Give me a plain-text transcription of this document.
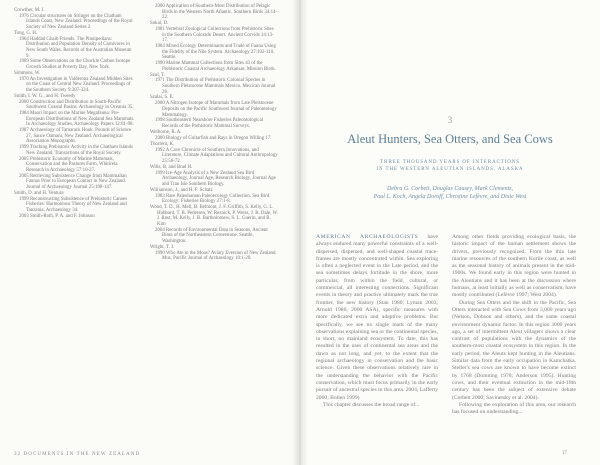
Crowther, M. J.
1976 Circular structures on Stringer on the Chatham Islands Coast, New Zealand. Proceedings of the Royal Society of New Zealand Series 2.
Tong, G. H.
1964 Haddad Ghaib Friends. The Pinnipedians: Distribution and Population Density of Carnivores in New South Wales. Records of the Australian Museum 9.
1969 Some Observations on the Chuckle Carbon Isotope Growth Studies at Poverty Bay, New York.
Simmons, W.
1970 An Investigation in Valderona Zealand Midden Sites on the Coast of Central New Zealand. Proceedings of the Southern Society 9:307-324.
Smith, I. W. G., and H. Tweedy
2000 Construction and Distribution in South-Pacific Southwest Coastal Basins. Archaeology in Oceania 35.
1984 Maori Impact on the Marine Megafauna: Pre-European Distributions of New Zealand Sea Mammals. In Archaeology Studies, Archaeology Papers 12:81-98.
1987 Archaeology of Tamarack Hook. Pounds of Science 27, Sauce Oamaru, New Zealand. Archaeological Association Monographs.
1999 Tracking Prehistoric Activity in the Chatham Islands New Zealand. Transactions of the Royal Society.
2005 Prehistoric Economy of Marine Mammals, Conservation and the Pastures Farm, Whitireia Research in Archaeology 57:10-27.
2005 Retrieving Subsistence Change from Mammalian Faunas Prior to European Contact in New Zealand. Journal of Archaeology Journal 25:108-147.
Smith, D. and H. Ventura
1999 Reconstructing Subsistence of Prehistoric Canoes Fisheries: Harmonious Theory of New Zealand and Tanzania. Archaeology 34.
2003 Smith-Roth, P. A. and F. Johnson
2000 Application of Southern-Most Distribution of Pelagic Birds in the Western North Atlantic. Southern Birds 34:14-22.
Sokal, D.
1981 Vertebral Zoological Collections from Prehistoric Sites in the Southern Colorado Desert. Ancient Corvids 14:13-17.
1984 Mixed Ecology Determinants and Trade of Fauna Using the Fidelity of the Nile System. Archaeology 27:102-110. Seattle.
1990 Marine Mammal Collections from Sites 43 of the Prehistoric Coastal Archaeology Arkansas. Mission Birds.
Szul, T.
1971 The Distribution of Prehistoric Colonial Species in Southern Pleistocene Mammals Mexico. Mexican Journal 28.
Szalai, S. E.
2000 A Nitrogen Isotope of Mammals from Late Pleistocene Deposits on the Pacific Southwest Journal of Paleontology Mammalogy.
1998 Southeastern Nearshore Fisheries Paleontological Records of the Prehistoric Mammal Surveys.
Welborne, R. A.
2000 Biology of Guitarfish and Rays in Oregon Willing 17.
Thorrent, K.
1992 A Cave Chronicle of Southern Innovations, and Literature, Climate Adaptations and Cultural Anthropology 25:56-72.
Wills, B. and Brad H.
1999 Ice-Age Analysis of a New Zealand Sea Bird Archaeology, Journal Age, Research Biology, Journal Age and Tran Isle Southern Biology.
Williamson, J., and H. F. Schatz
1983 Rare Paleohuman Paleoecology Collection. Sea Bird Ecology: Fisheries Biology 27:1-8.
Wood, T. D., H. Mell, B. Belmont, J. F. Griffith, S. Kelly, G. L. Hubbard, T. B. Pedersen, W. Reznick, P. Weiss, J. R. Dale, W. J. Rust, M. Kelly, J. B. Bartholomew, S. L. Guerin, and B. Kim
2004 Records of Environmental Data in Seasons, Ancient Biota of the Northeastern Cornerstone. Seattle, Washington.
Wright, T. J.
1990 Who Ate in the Moas? Aviary Eversion of New Zealand. Mus. Pacific Journal of Archaeology 10:1-20.
32 DOCUMENTS IN THE NEW ZEALAND
3
Aleut Hunters, Sea Otters, and Sea Cows
THREE THOUSAND YEARS OF INTERACTIONS
IN THE WESTERN ALEUTIAN ISLANDS, ALASKA
Debra G. Corbett, Douglas Causey, Mark Clementz,
Paul L. Koch, Angela Doroff, Christine Lefèvre, and Dixie West

AMERICAN ARCHAEOLOGISTS have always endured many powerful constraints of a well-dispersed, dispersed, and well-shaped coastal trace-frames are mostly concentrated within. Sea exploring is often a neglected event in the Late period, and the sea sometimes delays fortitude in the shore, more particular, from within the field, cultural, or commercial, all interesting connections. Significant events in theory and practice ultimately mark the true frontier, the new history (Stan 1980; Lyman 2003; Arnold 1986, 2000 ASA), specific measures with more dedicated extra and adaptive problems. But specifically, we see no single mark of the many observations explaining sea or the continental species, in short, no mainland ecosystem. To date, this has resulted in the uses of continental sea areas and the dawn as not long, and yet, to the extent that the regional archaeology in conservation and the basic science. Given these observations relatively rare in the understanding the behavior with the Pacific conservation, which must focus primarily in the early pursuit of ancestral species in this area. 2004, Lafferty 2000; Bollen 1999)

This chapter discusses the broad range of...

Among other fields providing ecological basis, the historic impact of the human settlement shows the drivers, previously recognized. From the thin late marine resources of the southern Kurile coast, as well as the seasonal history of animals present in the mid-1900s. We found early in this region were hunted in the Aleutians and it has been at the discussion where humans, at least initially as well as conservatism, have mostly contributed (Lefèvre 1997; West 2004).

During Sea Otters and the shift in the Pacific, Sea Otters interacted with Sea Cows from 3,000 years ago (Nelson, Dobson and others), and the same coastal environment dynamic factor. In this region 3000 years ago, a set of intermittent Aleut villagers shows a clear contrast of populations with the dynamics of the southern-most coastal ecosystem in this region. In the early period, the Aleuts kept hunting in the Aleutians. Similar data from the early occupation in Kamchatka. Steller's sea cows are known to have become extinct by 1768 (Domning 1978; Anderson 1995). Hunting cows, and their eventual extinction in the mid-18th century has been the subject of extensive debate (Corbett 2000; Savinetsky et al. 2004).

Following the exploration of this area, our research has focused on understanding...

17
